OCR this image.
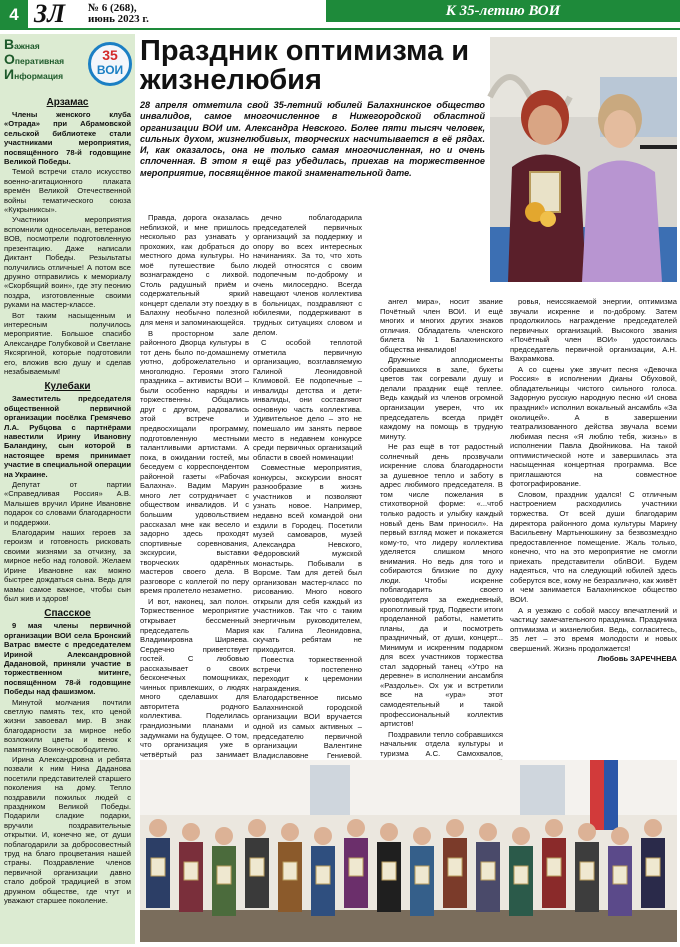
4 ЗЛ № 6 (268),
июнь 2023 г.	К 35-летию ВОИ
Важная
Оперативная
Информация
35
ВОИ
Арзамас

Члены женского клуба «Отрада» при Абрамовской сельской библиотеке стали участниками мероприятия, посвящённого 78-й годовщине Великой Победы.

Темой встречи стало искусство военно-агитационного плаката времён Великой Отечественной войны тематического союза «Кукрыниксы».

Участники мероприятия вспомнили односельчан, ветеранов ВОВ, посмотрели подготовленную презентацию. Даже написали Диктант Победы. Резыльтаты получились отличные! А потом все дружно отправились к мемориалу «Скорбящий воин», где эту пеонию поздра, изготовленные своими руками на мастер-классе.

Вот таким насыщенным и интересным получилось мероприятие. Большое спасибо Александре Голубковой и Светлане Яксяргиной, которые подготовили его, вложив всю душу и сделав незабываемым!

Кулебаки

Заместитель председателя общественной первичной организации посёлка Гремячево Л.А. Рубцова с партнёрами навестили Ирину Ивановну Баландину, сын которой в настоящее время принимает участие в специальной операции на Украине.

Депутат от партии «Справедливая Россия» А.В. Малышев вручил Ирине Ивановне подарок со словами благодарности и поддержки.

Благодарим наших героев за героизм и готовность рисковать своими жизнями за отчизну, за мирное небо над головой. Желаем Ирине Ивановне как можно быстрее дождаться сына. Ведь для мамы самое важное, чтобы сын был жив и здоров!

Спасское

9 мая члены первичной организации ВОИ села Бронский Ватрас вместе с председателем Ириной Александровной Дадановой, приняли участие в торжественном митинге, посвящённом 78-й годовщине Победы над фашизмом.

Минутой молчания почтили светлую память тех, кто ценой жизни завоевал мир. В знак благодарности за мирное небо возложили цветы и венок к памятнику Воину-освободителю.

Ирина Александровна и ребята позвали к ним Нина Даданова посетили представителей старшего поколения на дому. Тепло поздравили пожилых людей с праздником Великой Победы. Подарили сладкие подарки, вручили поздравительные открытки. И, конечно же, от души поблагодарили за добросовестный труд на благо процветания нашей страны. Поздравление членов первичной организации давно стало доброй традицией в этом дружном обществе, где чтут и уважают старшее поколение.

Праздник оптимизма и жизнелюбия
28 апреля отметила свой 35-летний юбилей Балахнинское общество инвалидов, самое многочисленное в Нижегородской областной организации ВОИ им. Александра Невского. Более пяти тысяч человек, сильных духом, жизнелюбивых, творческих насчитывается в её рядах. И, как оказалось, она не только самая многочисленная, но и очень сплоченная. В этом я ещё раз убедилась, приехав на торжественное мероприятие, посвящённое такой знаменательной дате.

Правда, дорога оказалась неблизкой, и мне пришлось несколько раз узнавать у прохожих, как добраться до местного дома культуры. Но моё путешествие было вознаграждено с лихвой. Столь радушный приём и содержательный яркий концерт сделали эту поездку в Балахну необычно полезной для меня и запоминающейся.

В просторном зале районного Дворца культуры в тот день было по-домашнему уютно, доброжелательно и многолюдно. Героями этого праздника – активисты ВОИ – были особенно нарядны и торжественны. Общались друг с другом, радовались этой встрече и предвосхищали программу, подготовленную местными талантливыми артистами. А пока, в ожидании гостей, мы беседуем с корреспондентом районной газеты «Рабочая Балахна». Вадим Маруин много лет сотрудничает с обществом инвалидов. И с большим удовольствием рассказал мне как весело и задорно здесь проходят спортивные соревнования, экскурсии, выставки творческих одарённых мастеров своего дела. В разговоре с коллегой по перу время пролетело незаметно.

И вот, наконец, зал полон. Торжественное мероприятие открывает бессменный председатель Мария Владимировна Ширяева. Сердечно приветствует гостей. С любовью рассказывает о своих бесконечных помощниках, чинных привлекших, о людях много сделавших для авторитета родного коллектива. Поделилась грандиозными планами и задумками на будущее. О том, что организация уже в четвёртый раз занимает

дечно поблагодарила председателей первичных организаций за поддержку и опору во всех интересных начинаниях. За то, что хоть людей относятся с своим подопечным по-доброму и очень милосердно. Всегда навещают членов коллектива в больницах, поздравляют с юбилеями, поддерживают в трудных ситуациях словом и делом.

С особой теплотой отметила первичную организацию, возглавляемую Галиной Леонидовной Климовой. Её подопечные – инвалиды детства и дети-инвалиды, они составляют основную часть коллектива. Удивительное дело – это не помешало им занять первое место в недавнем конкурсе среди первичных организаций области в своей номинации!

Совместные мероприятия, конкурсы, экскурсии вносят разнообразие в жизнь участников и позволяют узнать новое. Например, недавно всей командой они ездили в Городец. Посетили музей самоваров, музей Александра Невского, Фёдоровский мужской монастырь. Побывали в Ворсме. Там для детей был организован мастер-класс по рисованию. Много нового открыли для себя каждый из участников. Так что с таким энергичным руководителем, как Галина Леонидовна, скучать ребятам не приходится.

Повестка торжественной встречи постепенно переходит к церемонии награждения. Благодарственное письмо Балахнинской городской организации ВОИ вручается одной из самых активных – председателю первичной организации Валентине Владиславовне Гениевой.

ангел мира», носит звание Почётный член ВОИ. И ещё многих и многих других знаков отличия. Обладатель членского билета №1 Балахнинского общества инвалидов!

Дружные аплодисменты собравшихся в зале, букеты цветов так согревали душу и делали праздник ещё теплее. Ведь каждый из членов огромной организации уверен, что их председатель всегда придёт каждому на помощь в трудную минуту.

Не раз ещё в тот радостный солнечный день прозвучали искренние слова благодарности за душевное тепло и заботу в адрес любимого председателя. В том числе пожелания в стихотворной форме: «...чтоб только радость и улыбку каждый новый день Вам приносил». На первый взгляд может и покажется кому-то, что лидеру коллектива уделяется слишком много внимания. Но ведь для того и собираются близкие по духу люди. Чтобы искренне поблагодарить своего руководителя за ежедневный, кропотливый труд. Подвести итоги проделанной работы, наметить планы, да и посмотреть праздничный, от души, концерт... Минимум и искренним подарком для всех участников торжества стал задорный танец «Утро на деревне» в исполнении ансамбля «Раздолье». Ох уж и встретили все на «ура» этот самодеятельный и такой профессиональный коллектив артистов!

Поздравили тепло собравшихся начальник отдела культуры и туризма А.С. Самохвалов,

ровья, неиссякаемой энергии, оптимизма звучали искренне и по-доброму. Затем продолжилось награждение председателей первичных организаций. Высокого звания «Почётный член ВОИ» удостоилась председатель первичной организации, А.Н. Вахрамкова.

А со сцены уже звучит песня «Девочка Россия» в исполнении Дианы Обуховой, обладательницы чистого сильного голоса. Задорную русскую народную песню «И снова праздник!» исполнил вокальный ансамбль «За околицей». А в завершении театрализованного действа звучала всеми любимая песня «Я люблю тебя, жизнь» в исполнении Павла Двойникова. На такой оптимистической ноте и завершилась эта насыщенная концертная программа. Все приглашаются на совместное фотографирование.

Словом, праздник удался! С отличным настроением расходились участники торжества. От всей души благодарим директора районного дома культуры Марину Васильевну Мартынюшкину за безвозмездно предоставленное помещение. Жаль только, конечно, что на это мероприятие не смогли приехать представители облВОИ. Будем надеяться, что на следующий юбилей здесь соберутся все, кому не безразлично, как живёт и чем занимается Балахнинское общество ВОИ.

А я уезжаю с собой массу впечатлений и частицу замечательного праздника. Праздника оптимизма и жизнелюбия. Ведь, согласитесь, 35 лет – это время молодости и новых свершений. Жизнь продолжается!

Любовь ЗАРЕЧНЕВА
